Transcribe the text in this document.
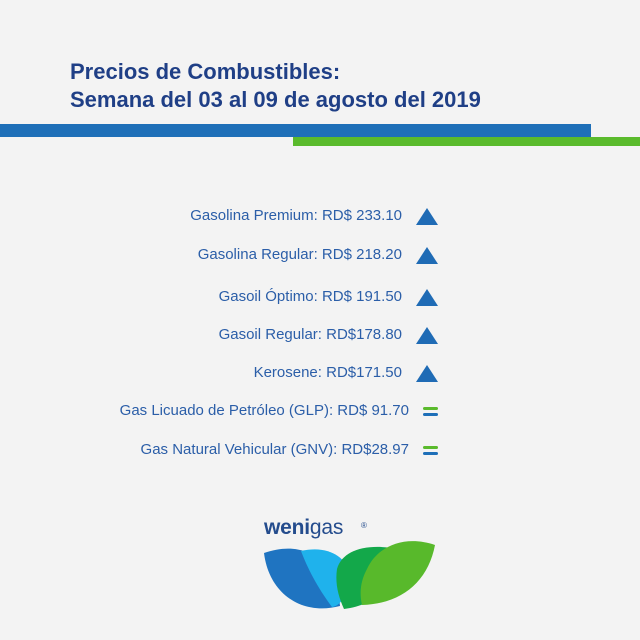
Precios de Combustibles:
Semana del 03 al 09 de agosto del 2019
Gasolina Premium: RD$ 233.10
Gasolina Regular: RD$ 218.20
Gasoil Óptimo: RD$ 191.50
Gasoil Regular: RD$178.80
Kerosene: RD$171.50
Gas Licuado de Petróleo (GLP): RD$ 91.70
Gas Natural Vehicular (GNV): RD$28.97
wenigas ®
